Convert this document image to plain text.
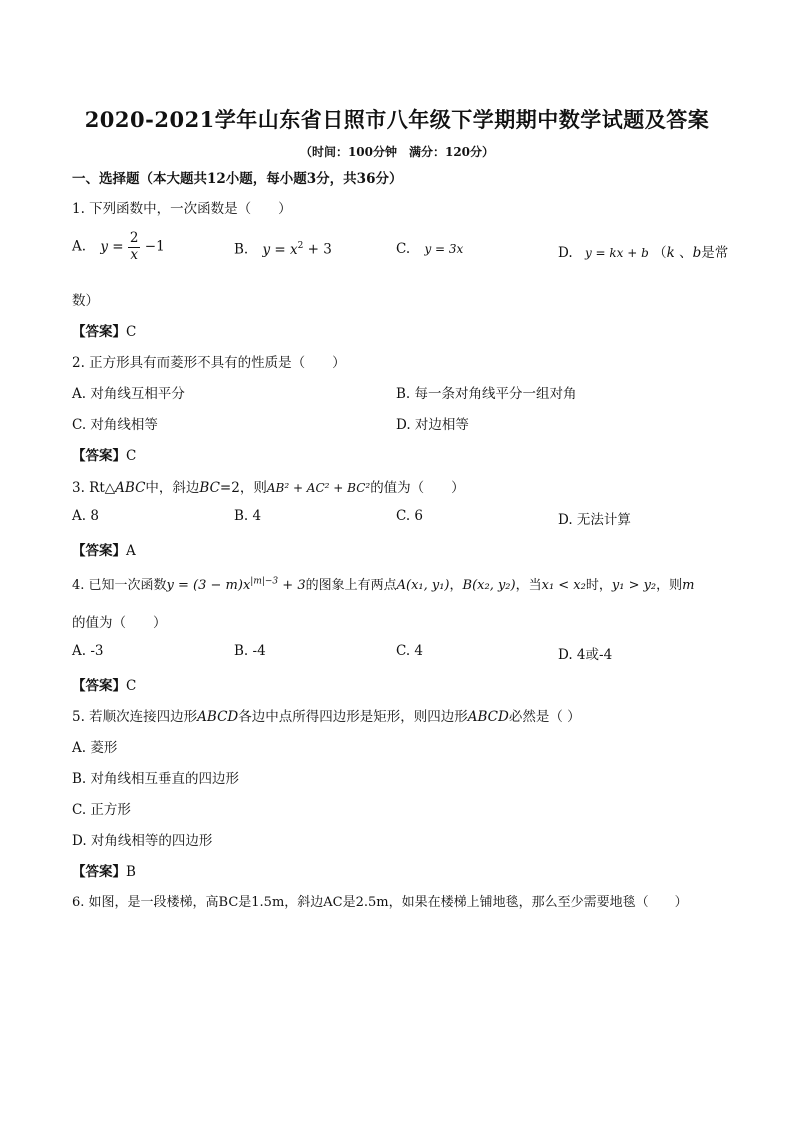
2020-2021学年山东省日照市八年级下学期期中数学试题及答案
（时间：100分钟　满分：120分）
一、选择题（本大题共12小题，每小题3分，共36分）
1. 下列函数中，一次函数是（　　）
A. $y = \frac{2}{x} -1$	B. $y = x^2 + 3$	C. y = 3x	D. y = kx + b （k 、b是常
数）
【答案】C
2. 正方形具有而菱形不具有的性质是（　　）
A. 对角线互相平分	B. 每一条对角线平分一组对角
C. 对角线相等	D. 对边相等
【答案】C
3. Rt△ABC中，斜边BC=2，则AB² + AC² + BC²的值为（　　）
A. 8	B. 4	C. 6	D. 无法计算
【答案】A
4. 已知一次函数$y = (3 - m)x^{|m|-3} + 3$的图象上有两点A(x₁, y₁)，B(x₂, y₂)，当x₁ < x₂时，y₁ > y₂，则m
的值为（　　）
A. -3	B. -4	C. 4	D. 4或-4
【答案】C
5. 若顺次连接四边形ABCD各边中点所得四边形是矩形，则四边形ABCD必然是（ ）
A. 菱形
B. 对角线相互垂直的四边形
C. 正方形
D. 对角线相等的四边形
【答案】B
6. 如图，是一段楼梯，高BC是1.5m，斜边AC是2.5m，如果在楼梯上铺地毯，那么至少需要地毯（　　）
